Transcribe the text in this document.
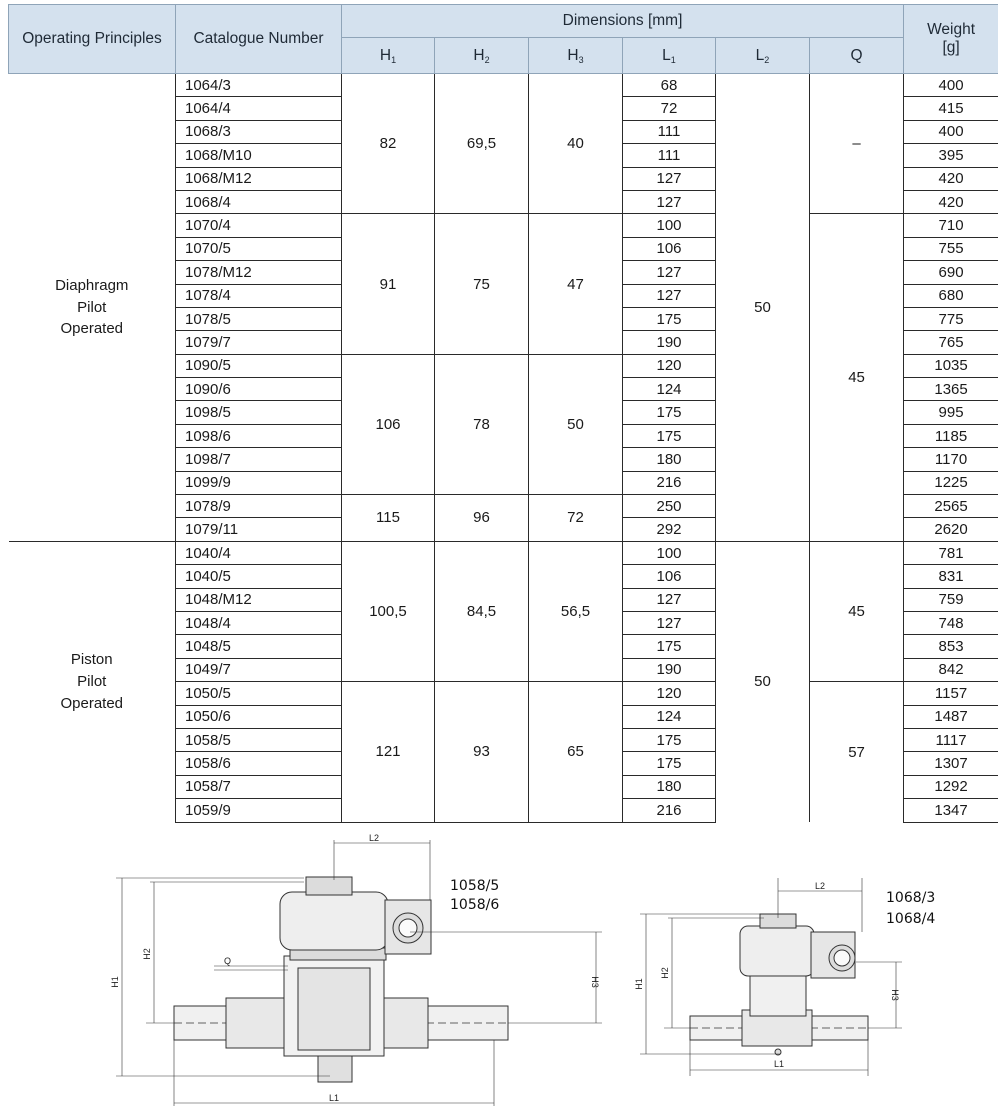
Operating Principles	Catalogue Number	Dimensions [mm]						Weight
[g]
		$H_1$	$H_2$	$H_3$	$L_1$	$L_2$	Q	
Diaphragm
Pilot
Operated	1064/3	82	69,5	40	68	50	–	400
	1064/4				72			415
	1068/3				111			400
	1068/M10				111			395
	1068/M12				127			420
	1068/4				127			420
	1070/4	91	75	47	100		45	710
	1070/5				106			755
	1078/M12				127			690
	1078/4				127			680
	1078/5				175			775
	1079/7				190			765
	1090/5	106	78	50	120			1035
	1090/6				124			1365
	1098/5				175			995
	1098/6				175			1185
	1098/7				180			1170
	1099/9				216			1225
	1078/9	115	96	72	250			2565
	1079/11				292			2620
Piston
Pilot
Operated	1040/4	100,5	84,5	56,5	100	50	45	781
	1040/5				106			831
	1048/M12				127			759
	1048/4				127			748
	1048/5				175			853
	1049/7				190			842
	1050/5	121	93	65	120		57	1157
	1050/6				124			1487
	1058/5				175			1117
	1058/6				175			1307
	1058/7				180			1292
	1059/9				216			1347
L2
H1
H2
H3
Q
L1
1058/5
1058/6
L2
H1
H2
H3
L1
1068/3
1068/4
